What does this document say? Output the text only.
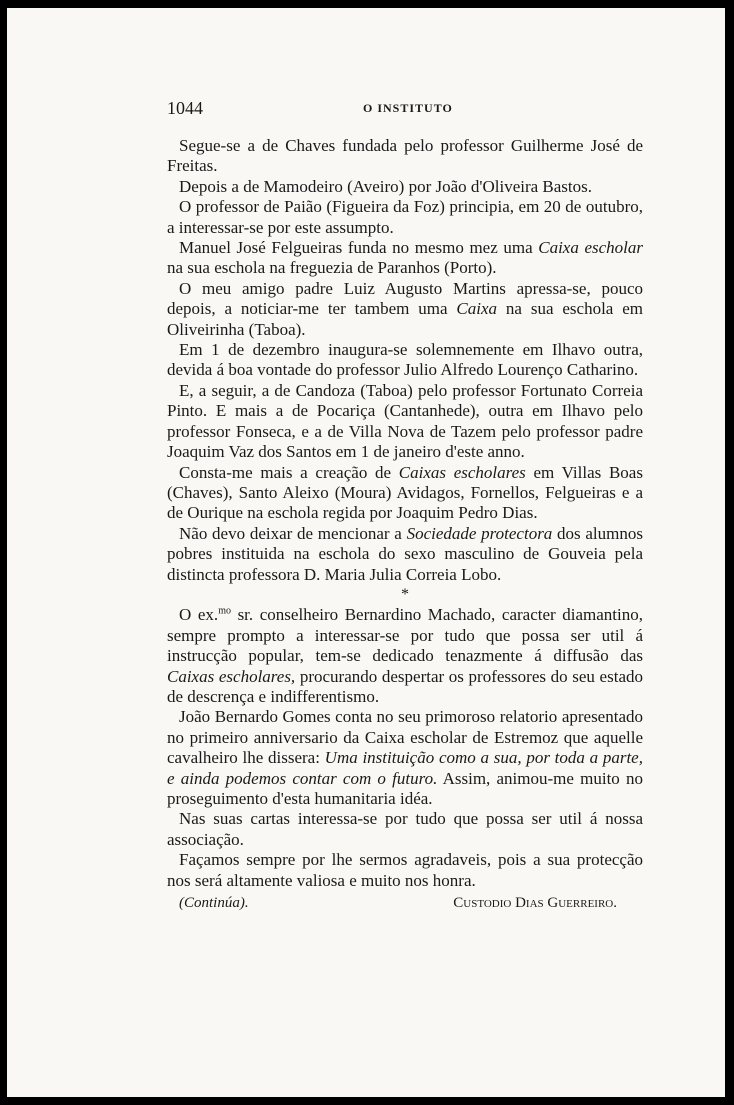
1044	O INSTITUTO

Segue-se a de Chaves fundada pelo professor Guilherme José de Freitas.

Depois a de Mamodeiro (Aveiro) por João d'Oliveira Bastos.

O professor de Paião (Figueira da Foz) principia, em 20 de outubro, a interessar-se por este assumpto.

Manuel José Felgueiras funda no mesmo mez uma Caixa escholar na sua eschola na freguezia de Paranhos (Porto).

O meu amigo padre Luiz Augusto Martins apressa-se, pouco depois, a noticiar-me ter tambem uma Caixa na sua eschola em Oliveirinha (Taboa).

Em 1 de dezembro inaugura-se solemnemente em Ilhavo outra, devida á boa vontade do professor Julio Alfredo Lourenço Catharino.

E, a seguir, a de Candoza (Taboa) pelo professor Fortunato Correia Pinto. E mais a de Pocariça (Cantanhede), outra em Ilhavo pelo professor Fonseca, e a de Villa Nova de Tazem pelo professor padre Joaquim Vaz dos Santos em 1 de janeiro d'este anno.

Consta-me mais a creação de Caixas escholares em Villas Boas (Chaves), Santo Aleixo (Moura) Avidagos, Fornellos, Felgueiras e a de Ourique na eschola regida por Joaquim Pedro Dias.

Não devo deixar de mencionar a Sociedade protectora dos alumnos pobres instituida na eschola do sexo masculino de Gouveia pela distincta professora D. Maria Julia Correia Lobo.

*

O ex.$^{mo}$ sr. conselheiro Bernardino Machado, caracter diamantino, sempre prompto a interessar-se por tudo que possa ser util á instrucção popular, tem-se dedicado tenazmente á diffusão das Caixas escholares, procurando despertar os professores do seu estado de descrença e indifferentismo.

João Bernardo Gomes conta no seu primoroso relatorio apresentado no primeiro anniversario da Caixa escholar de Estremoz que aquelle cavalheiro lhe dissera: Uma instituição como a sua, por toda a parte, e ainda podemos contar com o futuro. Assim, animou-me muito no proseguimento d'esta humanitaria idéa.

Nas suas cartas interessa-se por tudo que possa ser util á nossa associação.

Façamos sempre por lhe sermos agradaveis, pois a sua protecção nos será altamente valiosa e muito nos honra.

(Continúa).	Custodio Dias Guerreiro.
